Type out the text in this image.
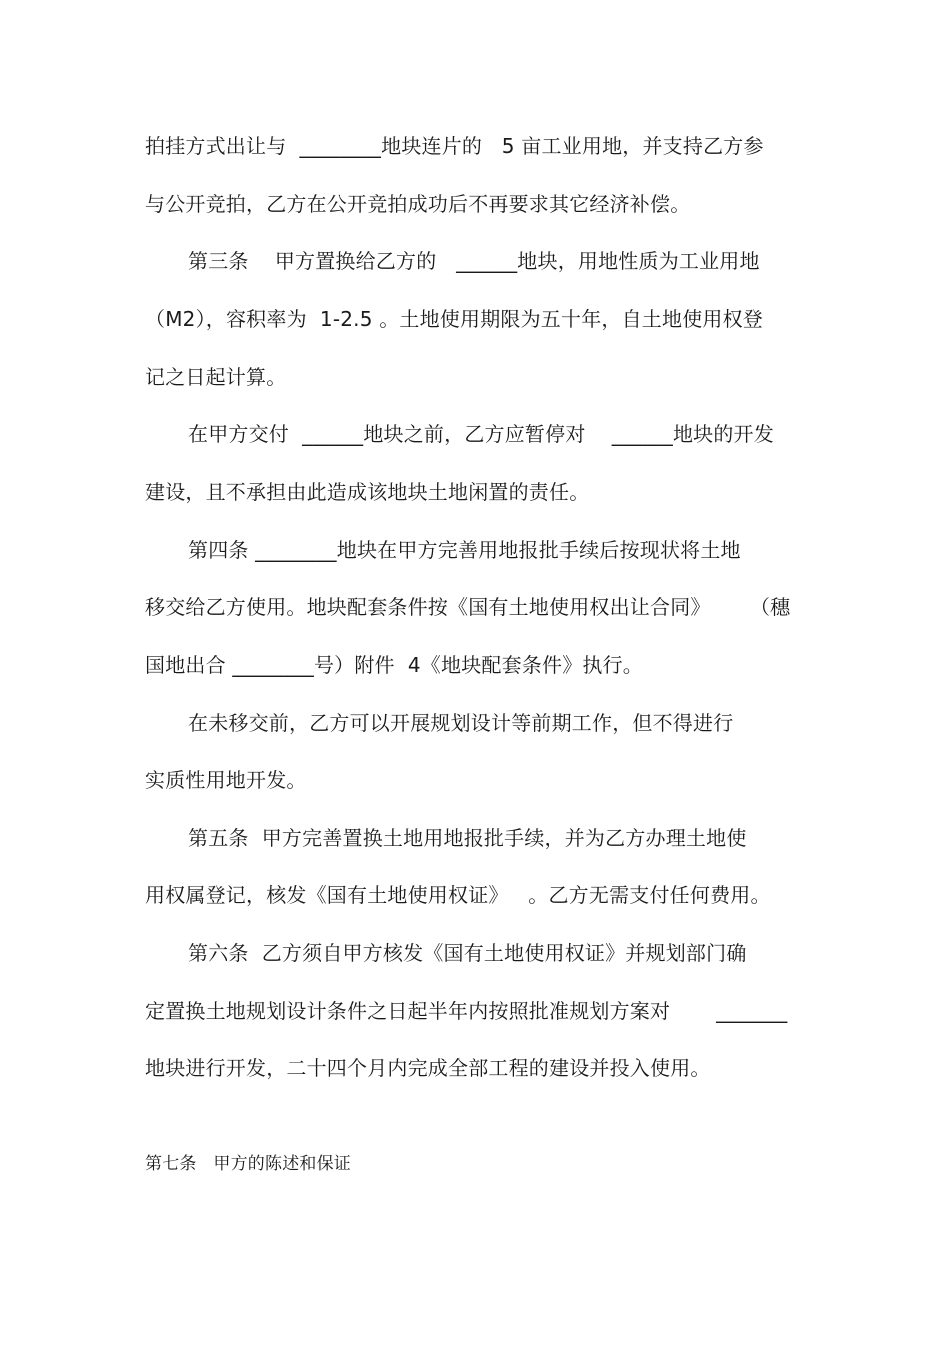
拍挂方式出让与  ________地块连片的   5 亩工业用地，并支持乙方参
与公开竞拍，乙方在公开竞拍成功后不再要求其它经济补偿。
第三条    甲方置换给乙方的   ______地块，用地性质为工业用地
（M2），容积率为  1-2.5 。土地使用期限为五十年，自土地使用权登
记之日起计算。
在甲方交付  ______地块之前，乙方应暂停对    ______地块的开发
建设，且不承担由此造成该地块土地闲置的责任。
第四条 ________地块在甲方完善用地报批手续后按现状将土地
移交给乙方使用。地块配套条件按《国有土地使用权出让合同》      （穗
国地出合 ________号）附件  4《地块配套条件》执行。
在未移交前，乙方可以开展规划设计等前期工作，但不得进行
实质性用地开发。
第五条  甲方完善置换土地用地报批手续，并为乙方办理土地使
用权属登记，核发《国有土地使用权证》   。乙方无需支付任何费用。
第六条  乙方须自甲方核发《国有土地使用权证》并规划部门确
定置换土地规划设计条件之日起半年内按照批准规划方案对       _______
地块进行开发，二十四个月内完成全部工程的建设并投入使用。
第七条   甲方的陈述和保证
